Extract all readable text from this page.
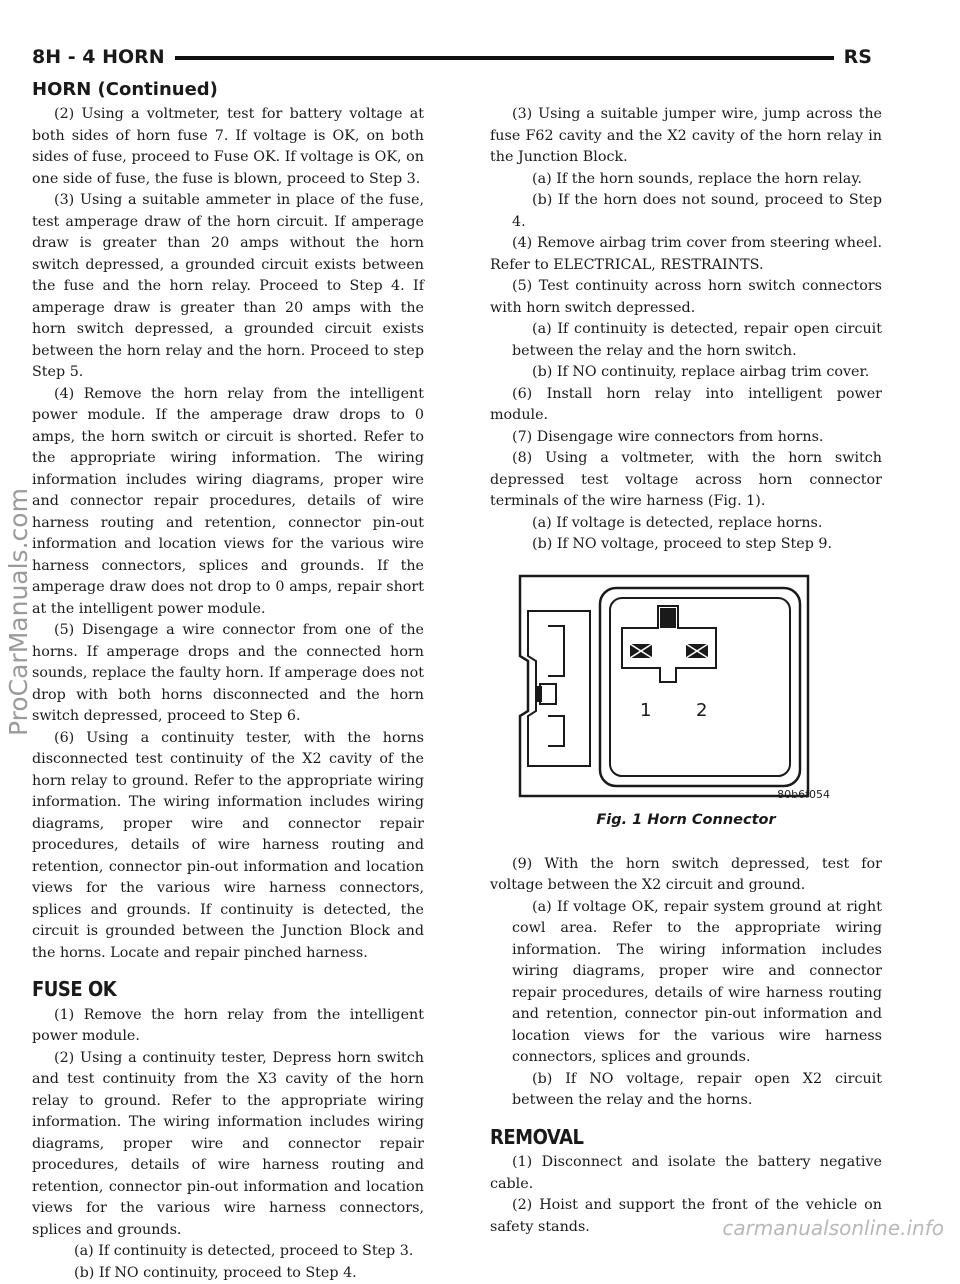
8H - 4 HORN	RS
HORN (Continued)

(2) Using a voltmeter, test for battery voltage at both sides of horn fuse 7. If voltage is OK, on both sides of fuse, proceed to Fuse OK. If voltage is OK, on one side of fuse, the fuse is blown, proceed to Step 3.

(3) Using a suitable ammeter in place of the fuse, test amperage draw of the horn circuit. If amperage draw is greater than 20 amps without the horn switch depressed, a grounded circuit exists between the fuse and the horn relay. Proceed to Step 4. If amperage draw is greater than 20 amps with the horn switch depressed, a grounded circuit exists between the horn relay and the horn. Proceed to step Step 5.

(4) Remove the horn relay from the intelligent power module. If the amperage draw drops to 0 amps, the horn switch or circuit is shorted. Refer to the appropriate wiring information. The wiring information includes wiring diagrams, proper wire and connector repair procedures, details of wire harness routing and retention, connector pin-out information and location views for the various wire harness connectors, splices and grounds. If the amperage draw does not drop to 0 amps, repair short at the intelligent power module.

(5) Disengage a wire connector from one of the horns. If amperage drops and the connected horn sounds, replace the faulty horn. If amperage does not drop with both horns disconnected and the horn switch depressed, proceed to Step 6.

(6) Using a continuity tester, with the horns disconnected test continuity of the X2 cavity of the horn relay to ground. Refer to the appropriate wiring information. The wiring information includes wiring diagrams, proper wire and connector repair procedures, details of wire harness routing and retention, connector pin-out information and location views for the various wire harness connectors, splices and grounds. If continuity is detected, the circuit is grounded between the Junction Block and the horns. Locate and repair pinched harness.

FUSE OK

(1) Remove the horn relay from the intelligent power module.

(2) Using a continuity tester, Depress horn switch and test continuity from the X3 cavity of the horn relay to ground. Refer to the appropriate wiring information. The wiring information includes wiring diagrams, proper wire and connector repair procedures, details of wire harness routing and retention, connector pin-out information and location views for the various wire harness connectors, splices and grounds.

(a) If continuity is detected, proceed to Step 3.

(b) If NO continuity, proceed to Step 4.

(3) Using a suitable jumper wire, jump across the fuse F62 cavity and the X2 cavity of the horn relay in the Junction Block.

(a) If the horn sounds, replace the horn relay.

(b) If the horn does not sound, proceed to Step 4.

(4) Remove airbag trim cover from steering wheel. Refer to ELECTRICAL, RESTRAINTS.

(5) Test continuity across horn switch connectors with horn switch depressed.

(a) If continuity is detected, repair open circuit between the relay and the horn switch.

(b) If NO continuity, replace airbag trim cover.

(6) Install horn relay into intelligent power module.

(7) Disengage wire connectors from horns.

(8) Using a voltmeter, with the horn switch depressed test voltage across horn connector terminals of the wire harness (Fig. 1).

(a) If voltage is detected, replace horns.

(b) If NO voltage, proceed to step Step 9.

1 2
80b6f054
Fig. 1 Horn Connector

(9) With the horn switch depressed, test for voltage between the X2 circuit and ground.

(a) If voltage OK, repair system ground at right cowl area. Refer to the appropriate wiring information. The wiring information includes wiring diagrams, proper wire and connector repair procedures, details of wire harness routing and retention, connector pin-out information and location views for the various wire harness connectors, splices and grounds.

(b) If NO voltage, repair open X2 circuit between the relay and the horns.

REMOVAL

(1) Disconnect and isolate the battery negative cable.

(2) Hoist and support the front of the vehicle on safety stands.

ProCarManuals.com
carmanualsonline.info
